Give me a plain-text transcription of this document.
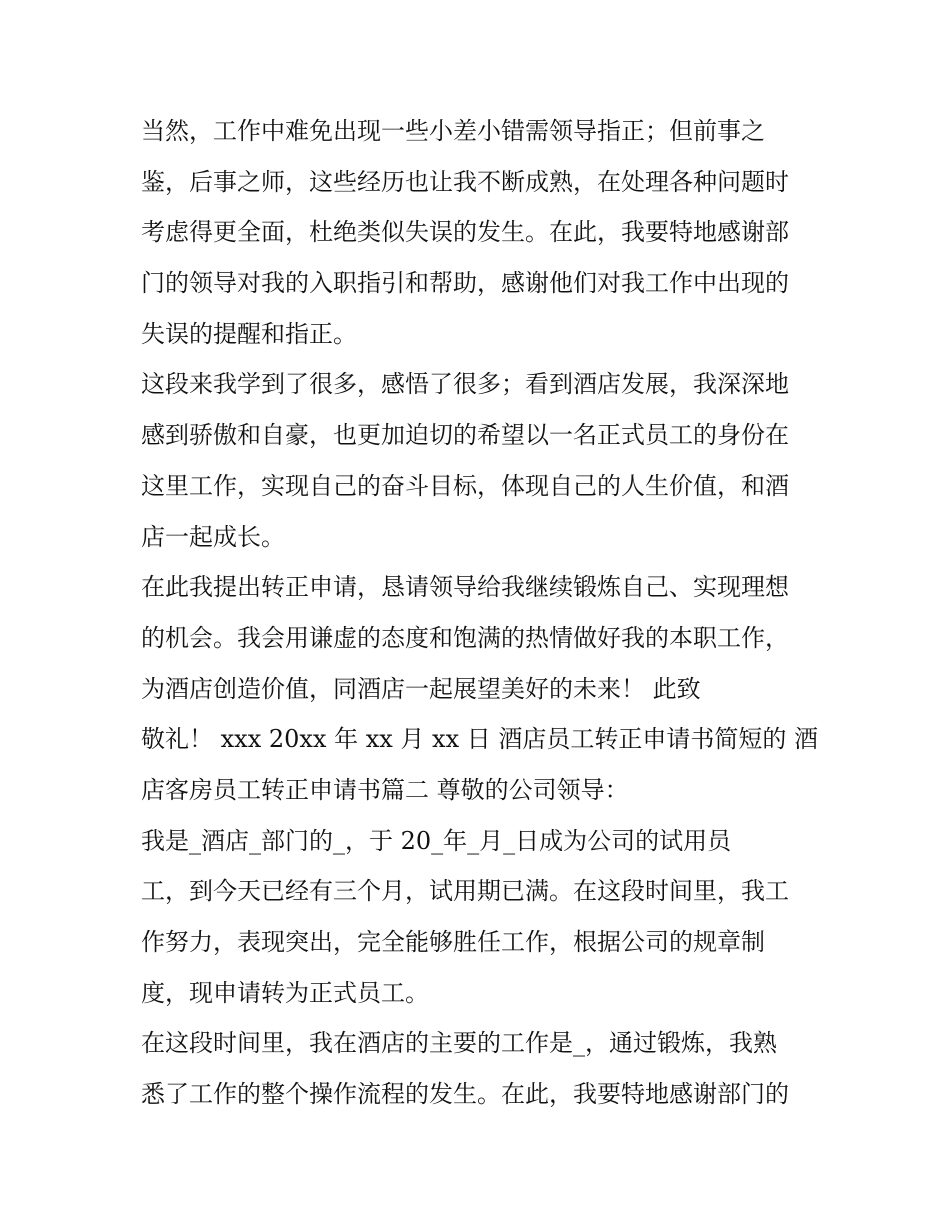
当然，工作中难免出现一些小差小错需领导指正；但前事之
鉴，后事之师，这些经历也让我不断成熟，在处理各种问题时
考虑得更全面，杜绝类似失误的发生。在此，我要特地感谢部
门的领导对我的入职指引和帮助，感谢他们对我工作中出现的
失误的提醒和指正。
这段来我学到了很多，感悟了很多；看到酒店发展，我深深地
感到骄傲和自豪，也更加迫切的希望以一名正式员工的身份在
这里工作，实现自己的奋斗目标，体现自己的人生价值，和酒
店一起成长。
在此我提出转正申请，恳请领导给我继续锻炼自己、实现理想
的机会。我会用谦虚的态度和饱满的热情做好我的本职工作，
为酒店创造价值，同酒店一起展望美好的未来！ 此致
敬礼！ xxx 20xx 年 xx 月 xx 日 酒店员工转正申请书简短的 酒
店客房员工转正申请书篇二 尊敬的公司领导：
我是_酒店_部门的_，于 20_年_月_日成为公司的试用员
工，到今天已经有三个月，试用期已满。在这段时间里，我工
作努力，表现突出，完全能够胜任工作，根据公司的规章制
度，现申请转为正式员工。
在这段时间里，我在酒店的主要的工作是_，通过锻炼，我熟
悉了工作的整个操作流程的发生。在此，我要特地感谢部门的
